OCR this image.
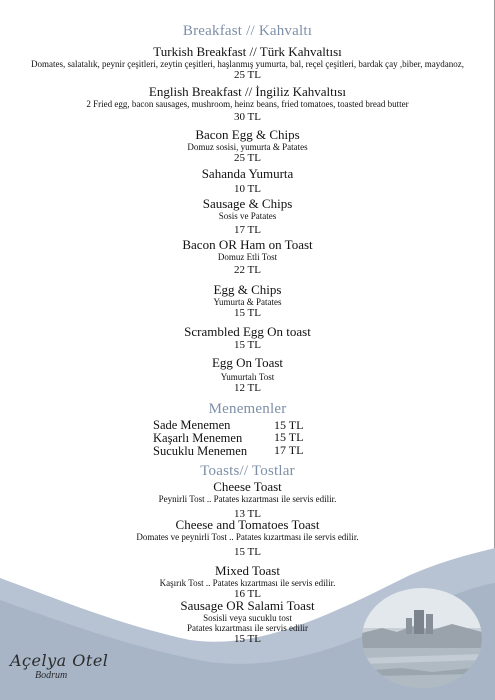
Açelya Otel
Bodrum
Breakfast // Kahvaltı
Turkish Breakfast // Türk Kahvaltısı
Domates, salatalık, peynir çeşitleri, zeytin çeşitleri, haşlanmış yumurta, bal, reçel çeşitleri, bardak çay ,biber, maydanoz,
25 TL
English Breakfast // İngiliz Kahvaltısı
2 Fried egg, bacon sausages, mushroom, heinz beans, fried tomatoes, toasted bread butter
30 TL
Bacon Egg & Chips
Domuz sosisi, yumurta & Patates
25 TL
Sahanda Yumurta
10 TL
Sausage & Chips
Sosis ve Patates
17 TL
Bacon OR Ham on Toast
Domuz Etli Tost
22 TL
Egg & Chips
Yumurta & Patates
15 TL
Scrambled Egg On toast
15 TL
Egg On Toast
Yumurtalı Tost
12 TL
Menemenler
Sade Menemen	15 TL
Kaşarlı Menemen	15 TL
Sucuklu Menemen 17 TL
Toasts// Tostlar
Cheese Toast
Peynirli Tost .. Patates kızartması ile servis edilir.
13 TL
Cheese and Tomatoes Toast
Domates ve peynirli Tost .. Patates kızartması ile servis edilir.
15 TL
Mixed Toast
Kaşırık Tost .. Patates kızartması ile servis edilir.
16 TL
Sausage OR Salami Toast
Sosisli veya sucuklu tost
Patates kızartması ile servis edilir
15 TL
